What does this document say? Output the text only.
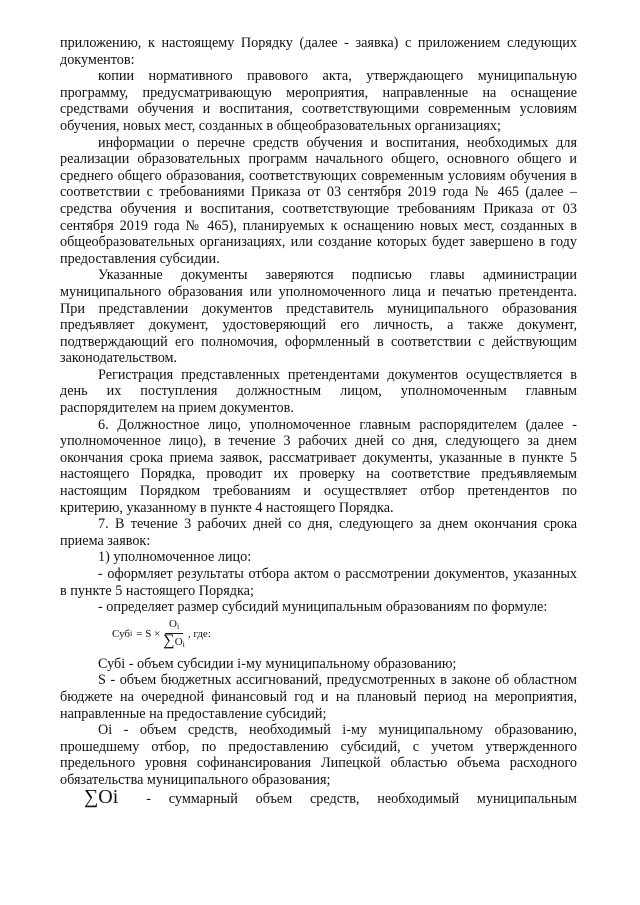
приложению, к настоящему Порядку (далее - заявка) с приложением следующих документов:

копии нормативного правового акта, утверждающего муниципальную программу, предусматривающую мероприятия, направленные на оснащение средствами обучения и воспитания, соответствующими современным условиям обучения, новых мест, созданных в общеобразовательных организациях;

информации о перечне средств обучения и воспитания, необходимых для реализации образовательных программ начального общего, основного общего и среднего общего образования, соответствующих современным условиям обучения в соответствии с требованиями Приказа от 03 сентября 2019 года № 465 (далее – средства обучения и воспитания, соответствующие требованиям Приказа от 03 сентября 2019 года № 465), планируемых к оснащению новых мест, созданных в общеобразовательных организациях, или создание которых будет завершено в году предоставления субсидии.

Указанные документы заверяются подписью главы администрации муниципального образования или уполномоченного лица и печатью претендента. При представлении документов представитель муниципального образования предъявляет документ, удостоверяющий его личность, а также документ, подтверждающий его полномочия, оформленный в соответствии с действующим законодательством.

Регистрация представленных претендентами документов осуществляется в день их поступления должностным лицом, уполномоченным главным распорядителем на прием документов.

6. Должностное лицо, уполномоченное главным распорядителем (далее - уполномоченное лицо), в течение 3 рабочих дней со дня, следующего за днем окончания срока приема заявок, рассматривает документы, указанные в пункте 5 настоящего Порядка, проводит их проверку на соответствие предъявляемым настоящим Порядком требованиям и осуществляет отбор претендентов по критерию, указанному в пункте 4 настоящего Порядка.

7. В течение 3 рабочих дней со дня, следующего за днем окончания срока приема заявок:

1) уполномоченное лицо:

- оформляет результаты отбора актом о рассмотрении документов, указанных в пункте 5 настоящего Порядка;

- определяет размер субсидий муниципальным образованиям по формуле:

Суб $i = S \times \frac{O_i}{\sum O_i}$ , где:

Субi - объем субсидии i-му муниципальному образованию;

S - объем бюджетных ассигнований, предусмотренных в законе об областном бюджете на очередной финансовый год и на плановый период на мероприятия, направленные на предоставление субсидий;

Oi - объем средств, необходимый i-му муниципальному образованию, прошедшему отбор, по предоставлению субсидий, с учетом утвержденного предельного уровня софинансирования Липецкой областью объема расходного обязательства муниципального образования;

∑Oi - суммарный объем средств, необходимый муниципальным
